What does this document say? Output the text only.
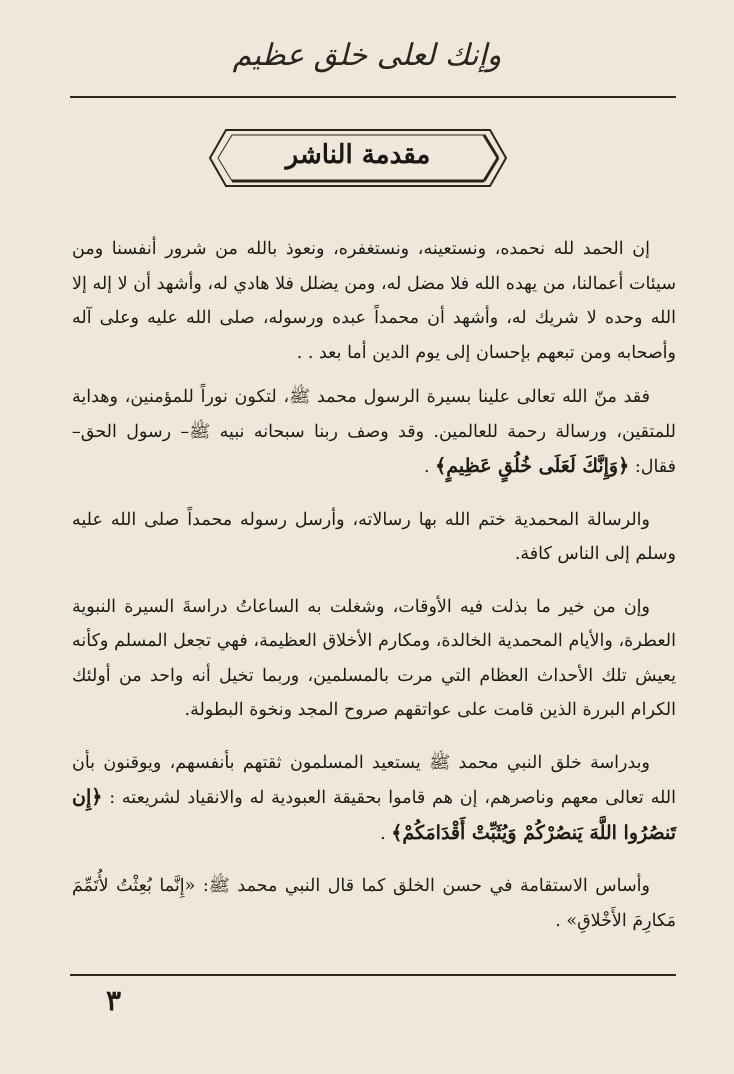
وإنك لعلى خلق عظيم
مقدمة الناشر

إن الحمد لله نحمده، ونستعينه، ونستغفره، ونعوذ بالله من شرور أنفسنا ومن سيئات أعمالنا، من يهده الله فلا مضل له، ومن يضلل فلا هادي له، وأشهد أن لا إله إلا الله وحده لا شريك له، وأشهد أن محمداً عبده ورسوله، صلى الله عليه وعلى آله وأصحابه ومن تبعهم بإحسان إلى يوم الدين أما بعد . .

فقد منّ الله تعالى علينا بسيرة الرسول محمد ﷺ، لتكون نوراً للمؤمنين، وهداية للمتقين، ورسالة رحمة للعالمين. وقد وصف ربنا سبحانه نبيه ﷺ– رسول الحق– فقال: ﴿وَإِنَّكَ لَعَلَى خُلُقٍ عَظِيمٍ﴾ .

والرسالة المحمدية ختم الله بها رسالاته، وأرسل رسوله محمداً صلى الله عليه وسلم إلى الناس كافة.

وإن من خير ما بذلت فيه الأوقات، وشغلت به الساعاتُ دراسةَ السيرة النبوية العطرة، والأيام المحمدية الخالدة، ومكارم الأخلاق العظيمة، فهي تجعل المسلم وكأنه يعيش تلك الأحداث العظام التي مرت بالمسلمين، وربما تخيل أنه واحد من أولئك الكرام البررة الذين قامت على عواتقهم صروح المجد ونخوة البطولة.

وبدراسة خلق النبي محمد ﷺ يستعيد المسلمون ثقتهم بأنفسهم، ويوقنون بأن الله تعالى معهم وناصرهم، إن هم قاموا بحقيقة العبودية له والانقياد لشريعته : ﴿إِن تَنصُرُوا اللَّهَ يَنصُرْكُمْ وَيُثَبِّتْ أَقْدَامَكُمْ﴾ .

وأساس الاستقامة في حسن الخلق كما قال النبي محمد ﷺ: «إِنَّما بُعِثْتُ لأُتَمِّمَ مَكارِمَ الأَخْلاقِ» .

٣
